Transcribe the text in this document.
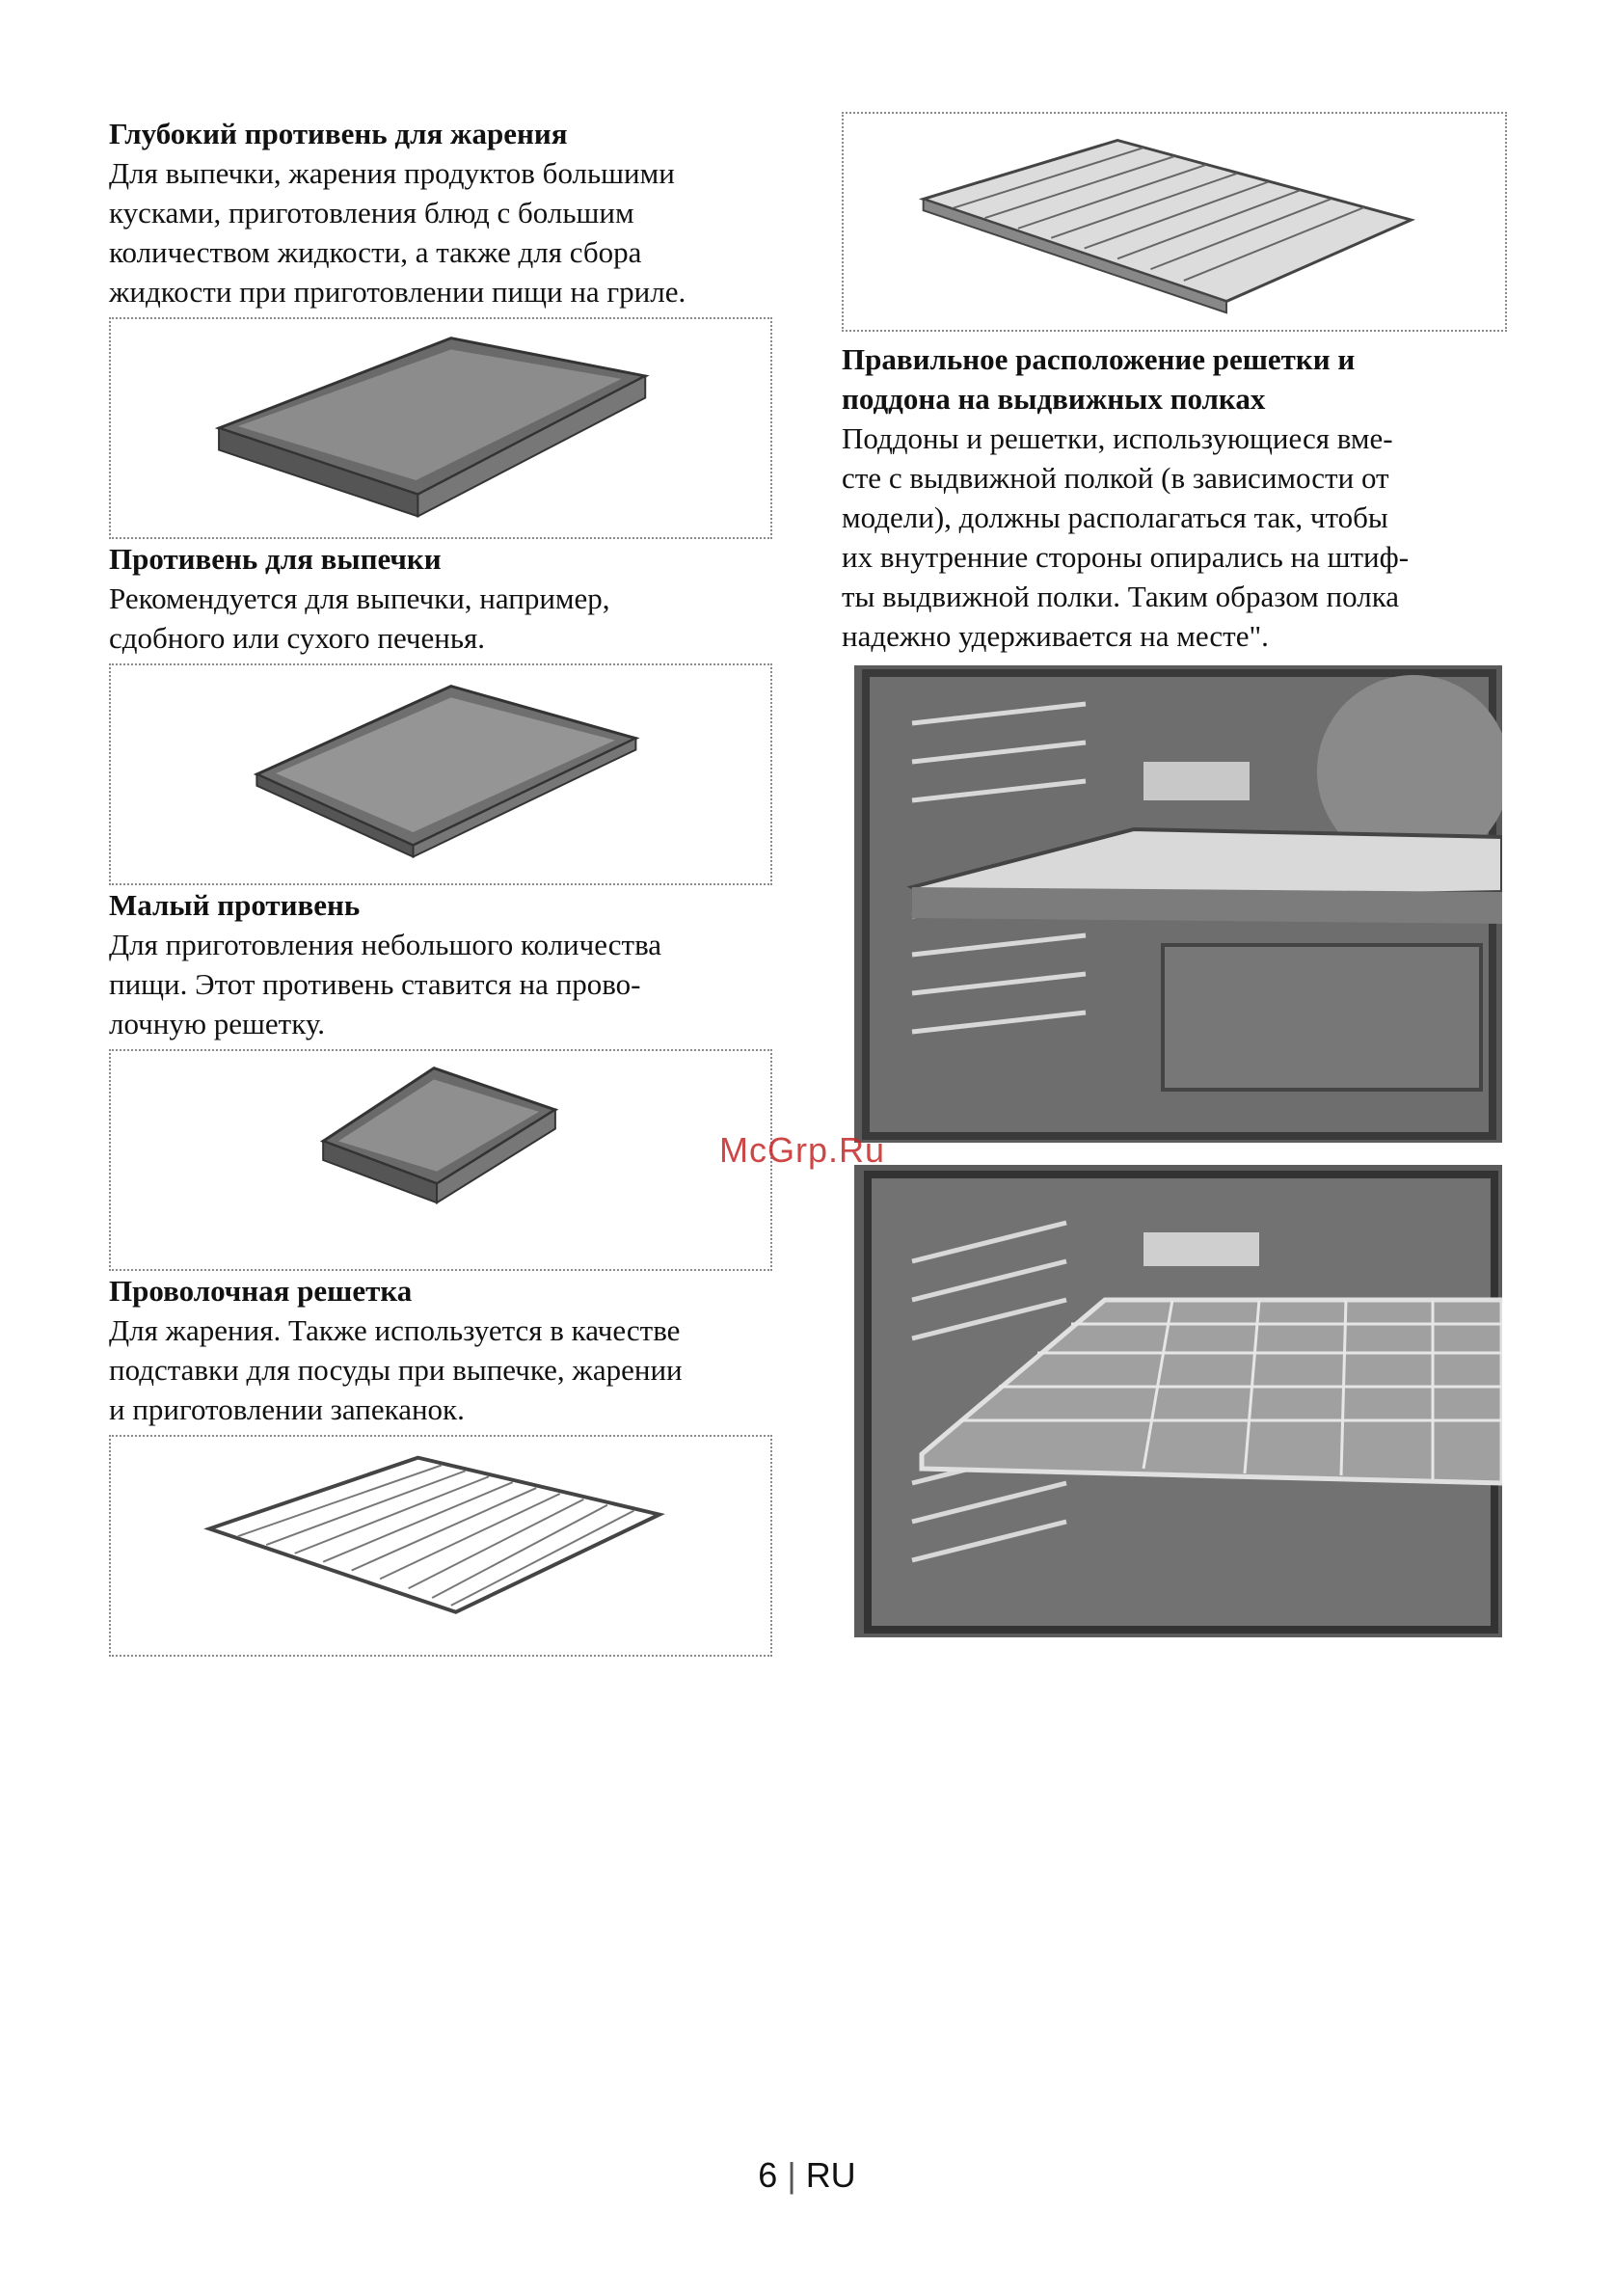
Глубокий противень для жарения

Для выпечки, жарения продуктов большими

кусками, приготовления блюд с большим

количеством жидкости, а также для сбора

жидкости при приготовлении пищи на гриле.

Противень для выпечки

Рекомендуется для выпечки, например,

сдобного или сухого печенья.

Малый противень

Для приготовления небольшого количества

пищи. Этот противень ставится на прово-

лочную решетку.

Проволочная решетка

Для жарения. Также используется в качестве

подставки для посуды при выпечке, жарении

и приготовлении запеканок.

Правильное расположение решетки и
поддона на выдвижных полках

Поддоны и решетки, использующиеся вме-

сте с выдвижной полкой (в зависимости от

модели), должны располагаться так, чтобы

их внутренние стороны опирались на штиф-

ты выдвижной полки. Таким образом полка

надежно удерживается на месте".

McGrp.Ru
6 | RU
